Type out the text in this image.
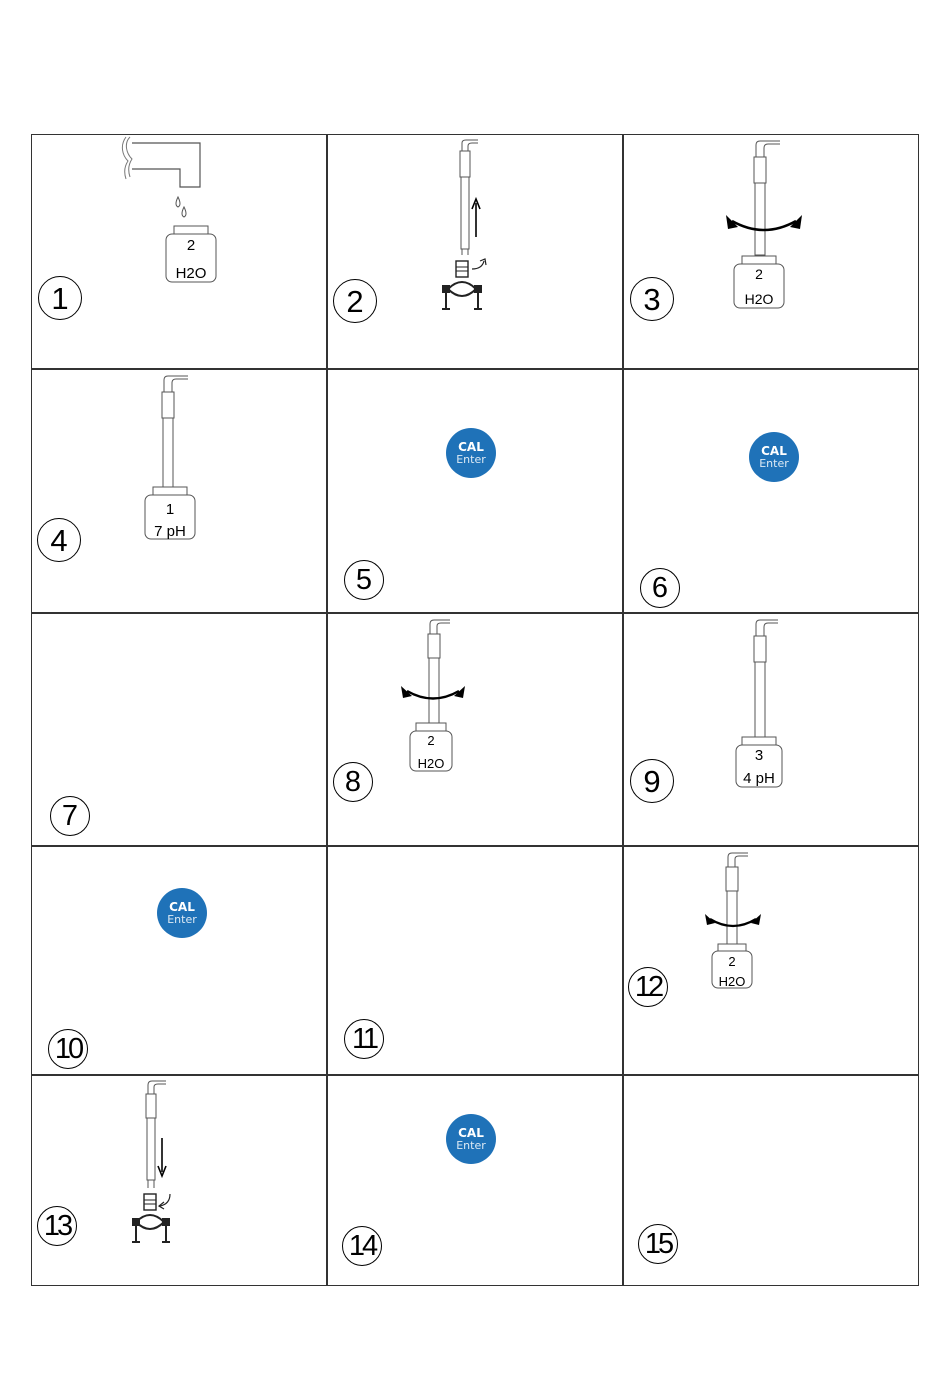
2
H2O
1	2
2
H2O
3
1
7 pH
4
CAL
Enter
5
CAL
Enter
6
7
2
H2O
8
3
4 pH
9
CAL
Enter
10	11
2
H2O
12
13
CAL
Enter
14	15
